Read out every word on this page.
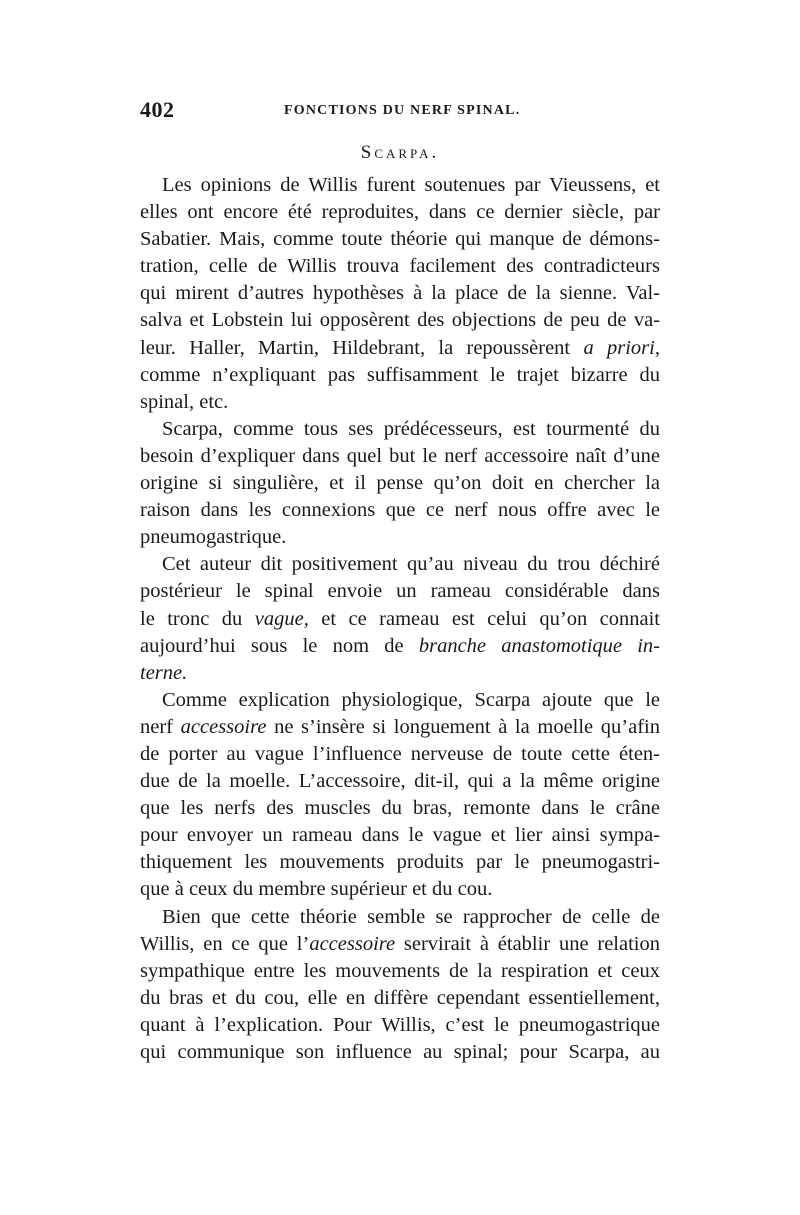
402	FONCTIONS DU NERF SPINAL.
Scarpa.
Les opinions de Willis furent soutenues par Vieussens, et
elles ont encore été reproduites, dans ce dernier siècle, par
Sabatier. Mais, comme toute théorie qui manque de démons-
tration, celle de Willis trouva facilement des contradicteurs
qui mirent d’autres hypothèses à la place de la sienne. Val-
salva et Lobstein lui opposèrent des objections de peu de va-
leur. Haller, Martin, Hildebrant, la repoussèrent a priori,
comme n’expliquant pas suffisamment le trajet bizarre du
spinal, etc.
Scarpa, comme tous ses prédécesseurs, est tourmenté du
besoin d’expliquer dans quel but le nerf accessoire naît d’une
origine si singulière, et il pense qu’on doit en chercher la
raison dans les connexions que ce nerf nous offre avec le
pneumogastrique.
Cet auteur dit positivement qu’au niveau du trou déchiré
postérieur le spinal envoie un rameau considérable dans
le tronc du vague, et ce rameau est celui qu’on connait
aujourd’hui sous le nom de branche anastomotique in-
terne.
Comme explication physiologique, Scarpa ajoute que le
nerf accessoire ne s’insère si longuement à la moelle qu’afin
de porter au vague l’influence nerveuse de toute cette éten-
due de la moelle. L’accessoire, dit-il, qui a la même origine
que les nerfs des muscles du bras, remonte dans le crâne
pour envoyer un rameau dans le vague et lier ainsi sympa-
thiquement les mouvements produits par le pneumogastri-
que à ceux du membre supérieur et du cou.
Bien que cette théorie semble se rapprocher de celle de
Willis, en ce que l’accessoire servirait à établir une relation
sympathique entre les mouvements de la respiration et ceux
du bras et du cou, elle en diffère cependant essentiellement,
quant à l’explication. Pour Willis, c’est le pneumogastrique
qui communique son influence au spinal; pour Scarpa, au
